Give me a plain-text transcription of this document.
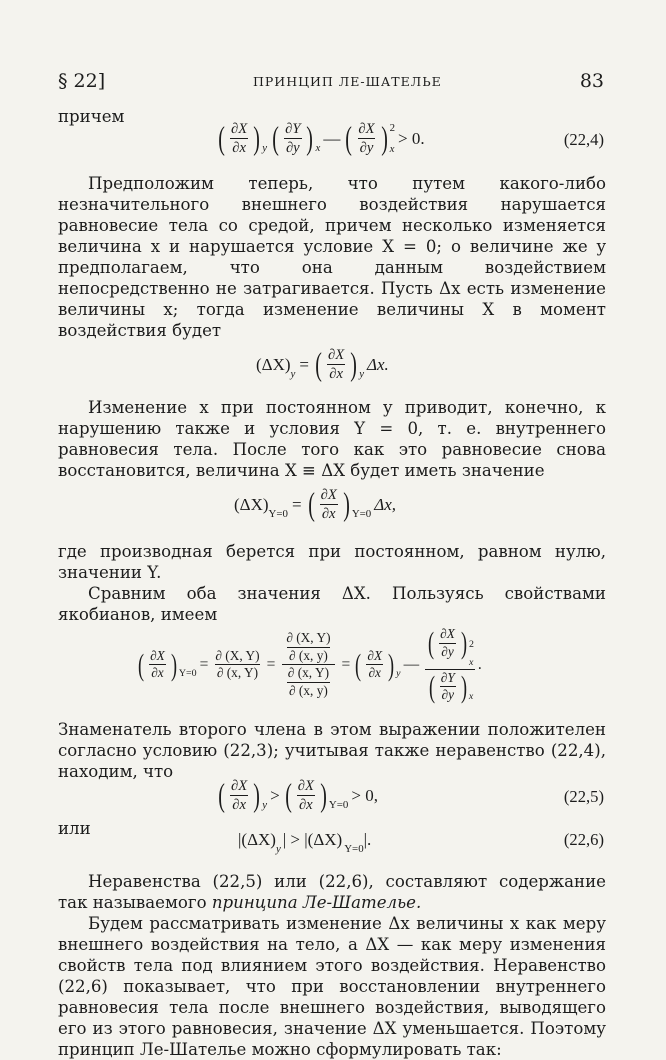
§ 22]	ПРИНЦИП ЛЕ-ШАТЕЛЬЕ	83

причем

( $\frac{\partial X}{\partial x}$ ) y ( $\frac{\partial Y}{\partial y}$ ) x — ( $\frac{\partial X}{\partial y}$ ) 2
x
> 0.	(22,4)

Предположим теперь, что путем какого-либо незначительного внешнего воздействия нарушается равновесие тела со средой, причем несколько изменяется величина x и нарушается условие X = 0; о величине же y предполагаем, что она данным воздействием непосредственно не затрагивается. Пусть Δx есть изменение величины x; тогда изменение величины X в момент воздействия будет

(ΔX) y = ( $\frac{\partial X}{\partial x}$ ) y Δx.

Изменение x при постоянном y приводит, конечно, к нарушению также и условия Y = 0, т. е. внутреннего равновесия тела. После того как это равновесие снова восстановится, величина X ≡ ΔX будет иметь значение

(ΔX) Y=0 = ( $\frac{\partial X}{\partial x}$ ) Y=0 Δx,

где производная берется при постоянном, равном нулю, значении Y.

Сравним оба значения ΔX. Пользуясь свойствами якобианов, имеем

( $\frac{\partial X}{\partial x}$ ) Y=0
= $\frac{\partial (X, Y)}{\partial (x, Y)} = \frac{\frac{\partial (X, Y)}{\partial (x, y)}}{\frac{\partial (x, Y)}{\partial (x, y)}}$ = ( $\frac{\partial X}{\partial x}$ ) y
— ( $\frac{\partial X}{\partial y}$ ) 2
x
( $\frac{\partial Y}{\partial y}$ ) $_x$ .

Знаменатель второго члена в этом выражении положителен согласно условию (22,3); учитывая также неравенство (22,4), находим, что

( $\frac{\partial X}{\partial x}$ ) y > ( $\frac{\partial X}{\partial x}$ ) Y=0 > 0,	(22,5)

или

|(ΔX) y | > |(ΔX) Y=0 |.	(22,6)

Неравенства (22,5) или (22,6), составляют содержание так называемого принципа Ле-Шателье.

Будем рассматривать изменение Δx величины x как меру внешнего воздействия на тело, а ΔX — как меру изменения свойств тела под влиянием этого воздействия. Неравенство (22,6) показывает, что при восстановлении внутреннего равновесия тела после внешнего воздействия, выводящего его из этого равновесия, значение ΔX уменьшается. Поэтому принцип Ле-Шателье можно сформулировать так:
